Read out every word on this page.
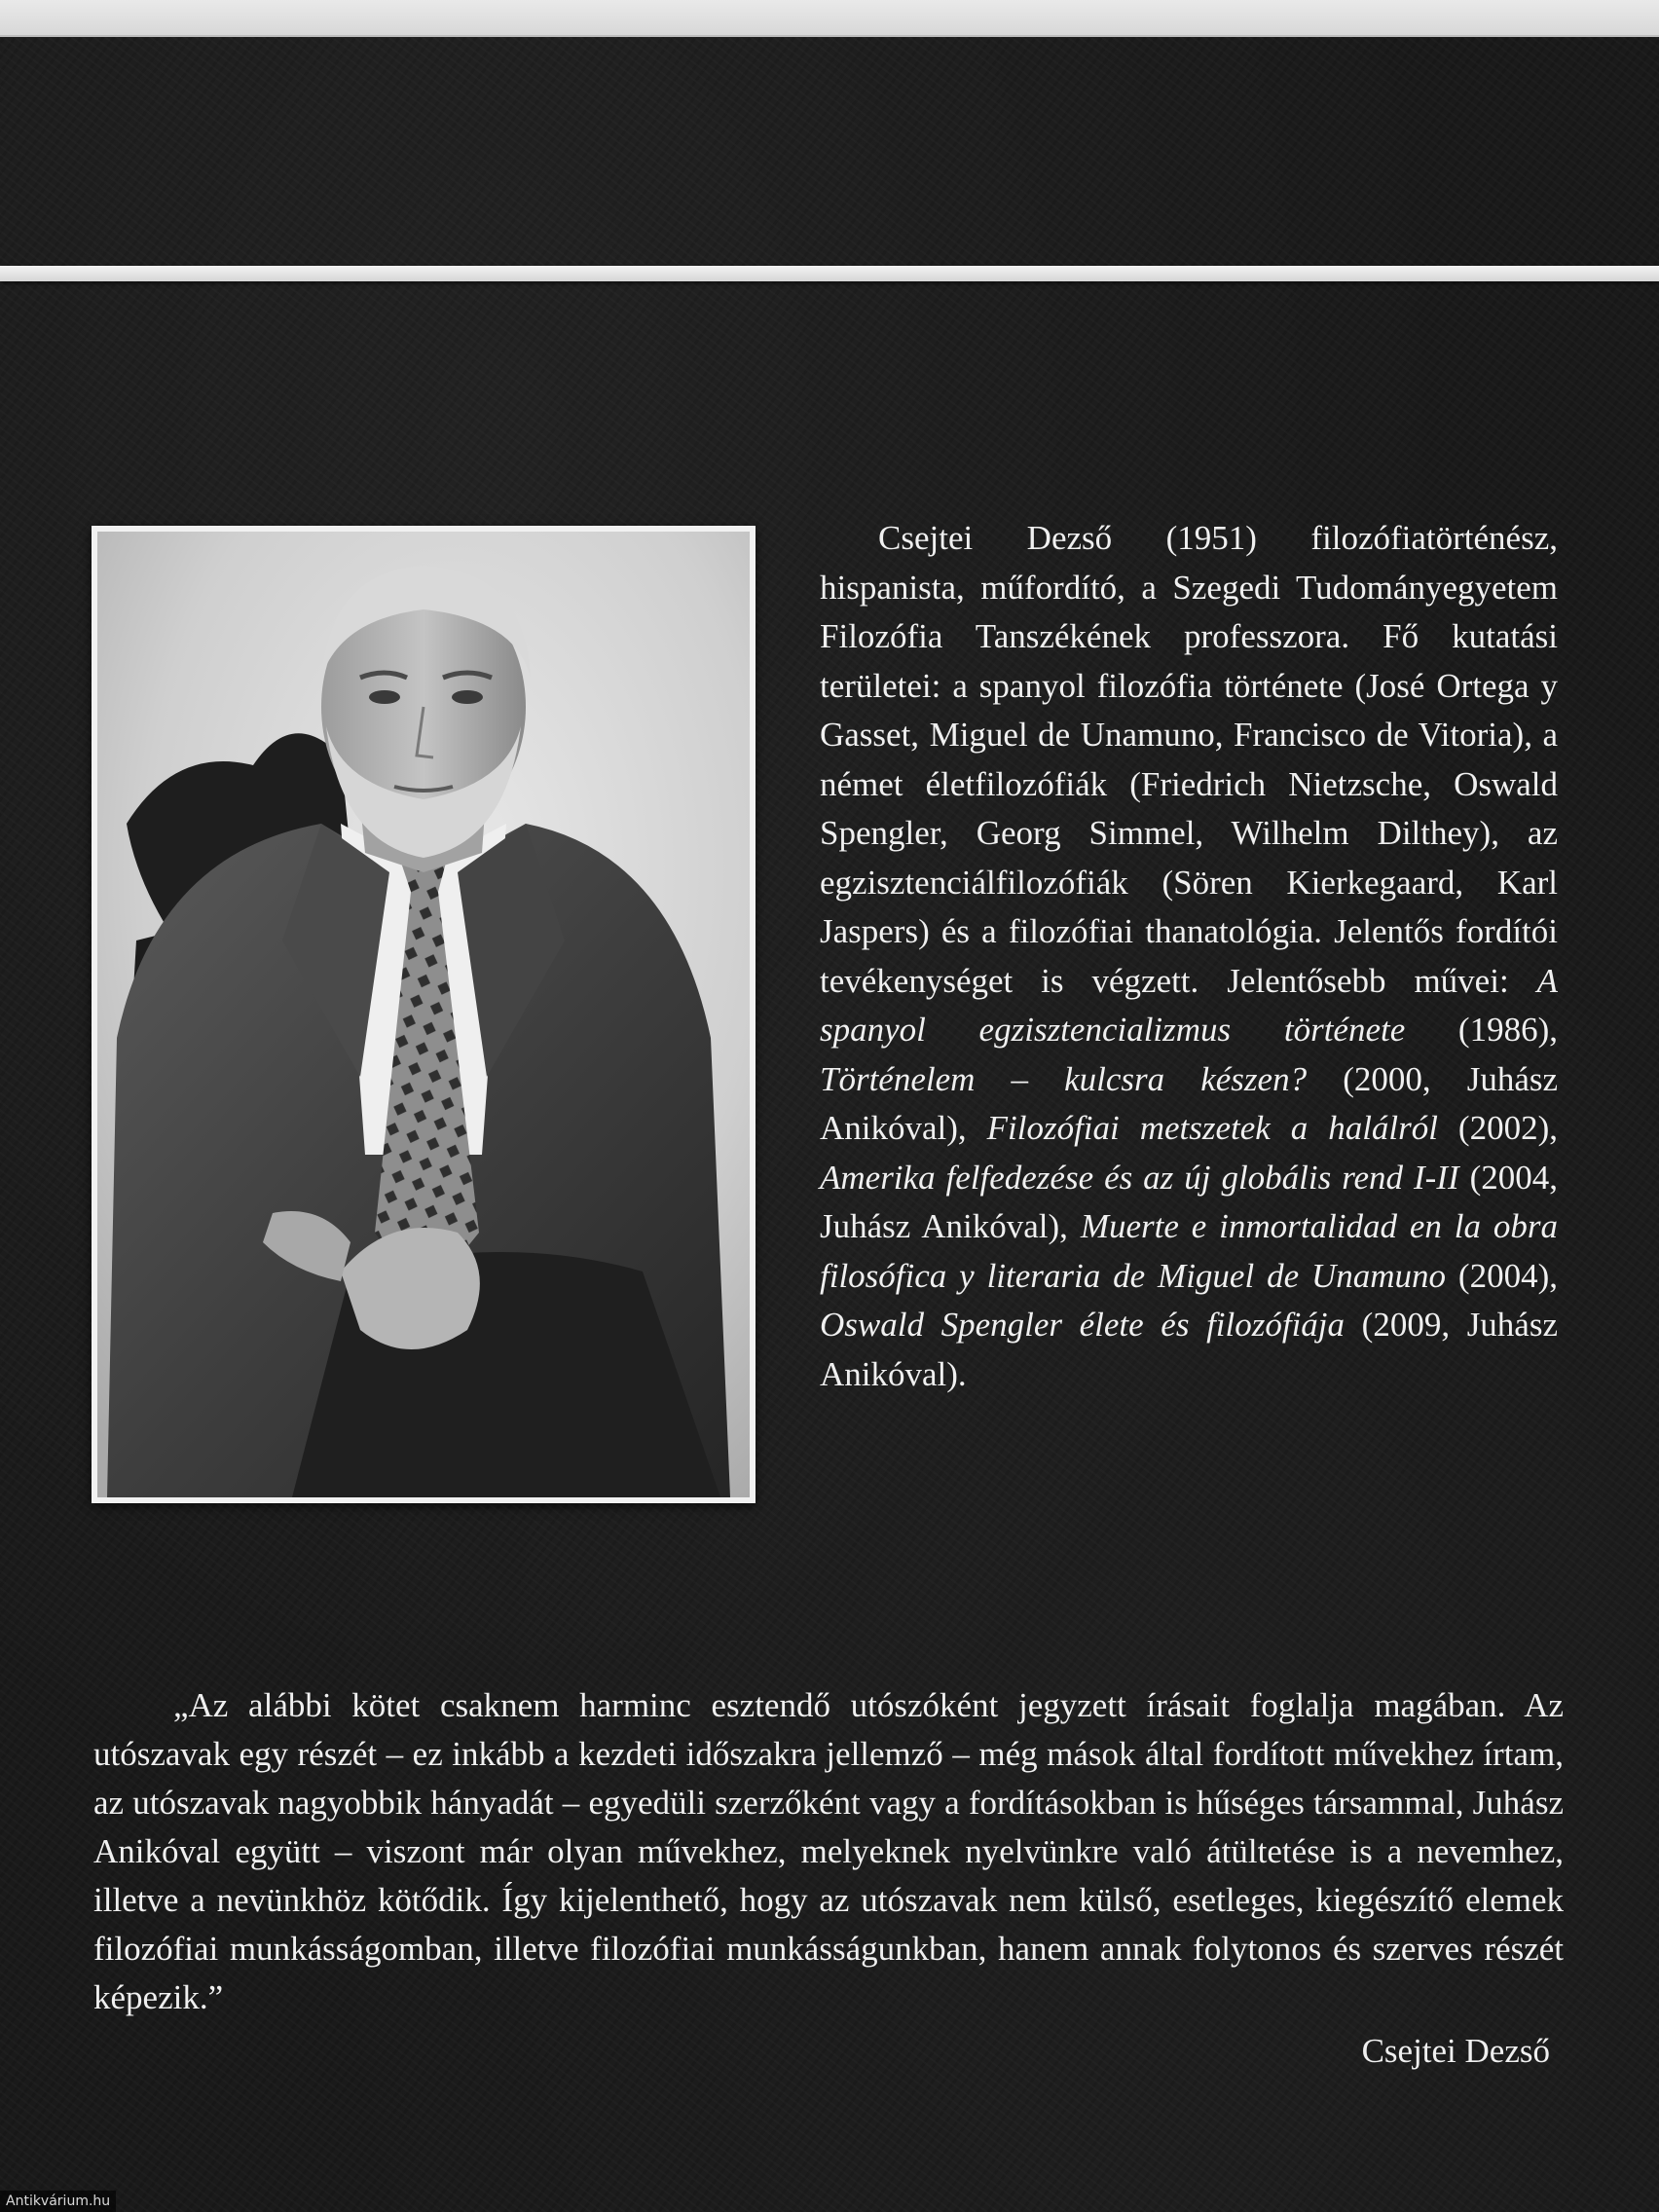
Csejtei Dezső (1951) filozófiatörténész, hispanista, műfordító, a Szegedi Tudományegyetem Filozófia Tanszékének professzora. Fő kutatási területei: a spanyol filozófia története (José Ortega y Gasset, Miguel de Unamuno, Francisco de Vitoria), a német életfilozófiák (Friedrich Nietzsche, Oswald Spengler, Georg Simmel, Wilhelm Dilthey), az egzisztenciálfilozófiák (Sören Kierkegaard, Karl Jaspers) és a filozófiai thanatológia. Jelentős fordítói tevékenységet is végzett. Jelentősebb művei: A spanyol egzisztencializmus története (1986), Történelem – kulcsra készen? (2000, Juhász Anikóval), Filozófiai metszetek a halálról (2002), Amerika felfedezése és az új globális rend I-II (2004, Juhász Anikóval), Muerte e inmortalidad en la obra filosófica y literaria de Miguel de Unamuno (2004), Oswald Spengler élete és filozófiája (2009, Juhász Anikóval).

„Az alábbi kötet csaknem harminc esztendő utószóként jegyzett írásait foglalja magában. Az utószavak egy részét – ez inkább a kezdeti időszakra jellemző – még mások által fordított művekhez írtam, az utószavak nagyobbik hányadát – egyedüli szerzőként vagy a fordításokban is hűséges társammal, Juhász Anikóval együtt – viszont már olyan művekhez, melyeknek nyelvünkre való átültetése is a nevemhez, illetve a nevünkhöz kötődik. Így kijelenthető, hogy az utószavak nem külső, esetleges, kiegészítő elemek filozófiai munkásságomban, illetve filozófiai munkásságunkban, hanem annak folytonos és szerves részét képezik.”

Csejtei Dezső

Antikvárium.hu
